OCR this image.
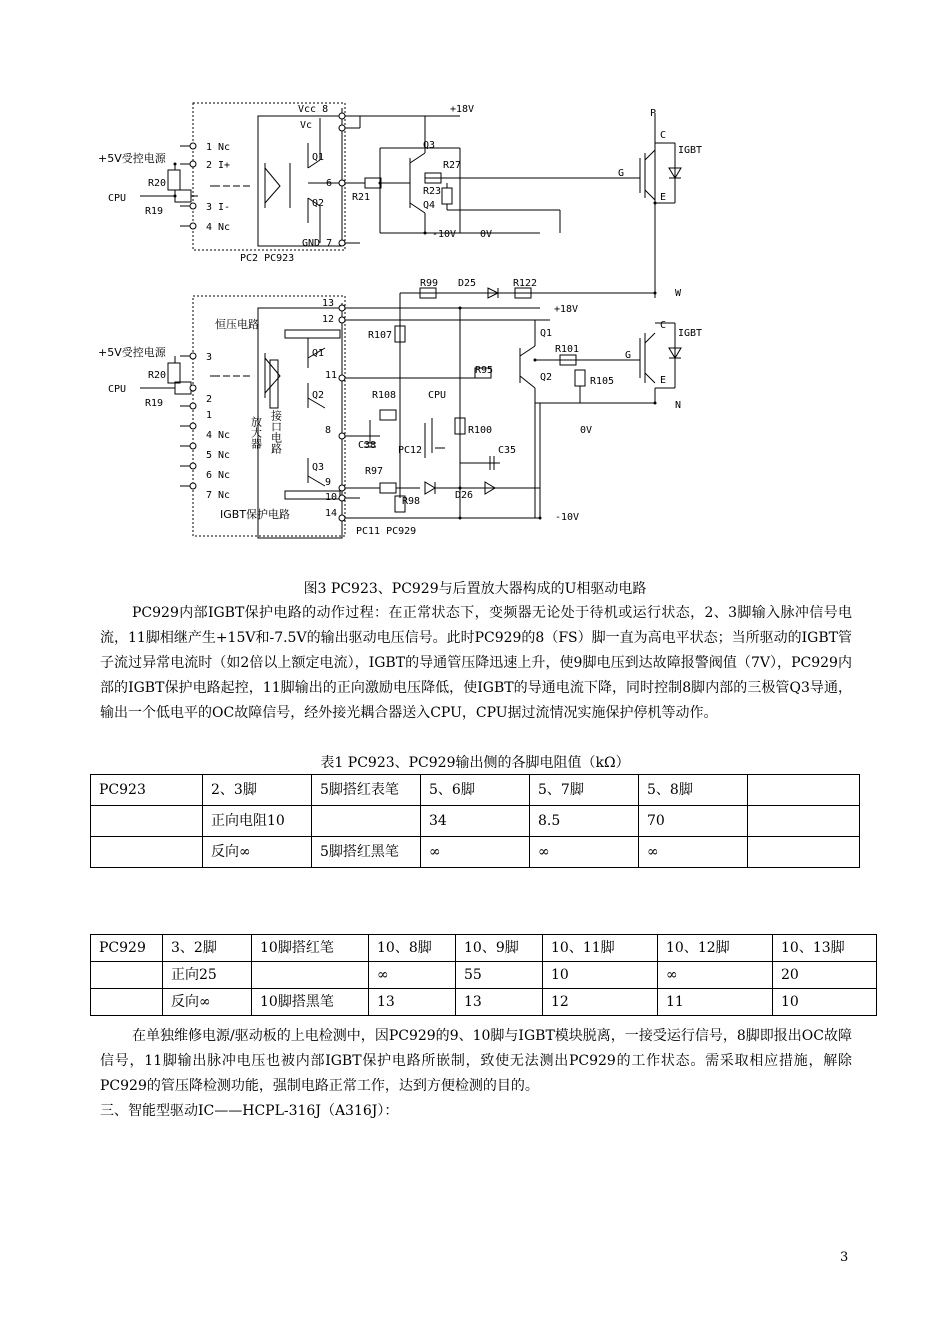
Vcc 8
Vc
+18V
Q1
Q2
Q3
Q4
R27
R23
R21
R20
R19
6
GND 7
-10V 0V
CPU
PC2 PC923
+5V受控电源
1 Nc
2 I+
3 I-
4 Nc
P
C
E
G
IGBT
W
R99 D25	R122
13
12
+18V
R107
恒压电路
Q1
Q2
Q3
Q1
Q2
R101
R95
R105
C
E
G
IGBT
N
11
R108	CPU
C38 PC12
R100
C35
0V
8
R97
R98
D26
9
10
14	-10V
PC11 PC929
CPU
R20
R19
+5V受控电源	3
2
1
4 Nc
5 Nc
6 Nc
7 Nc
IGBT保护电路
接口电路
放大器
图3 PC923、PC929与后置放大器构成的U相驱动电路

PC929内部IGBT保护电路的动作过程：在正常状态下，变频器无论处于待机或运行状态，2、3脚输入脉冲信号电流，11脚相继产生+15V和-7.5V的输出驱动电压信号。此时PC929的8（FS）脚一直为高电平状态；当所驱动的IGBT管子流过异常电流时（如2倍以上额定电流），IGBT的导通管压降迅速上升，使9脚电压到达故障报警阀值（7V），PC929内部的IGBT保护电路起控，11脚输出的正向激励电压降低，使IGBT的导通电流下降，同时控制8脚内部的三极管Q3导通，输出一个低电平的OC故障信号，经外接光耦合器送入CPU，CPU据过流情况实施保护停机等动作。

表1 PC923、PC929输出侧的各脚电阻值（kΩ）
PC923	2、3脚	5脚搭红表笔	5、6脚	5、7脚	5、8脚	
	正向电阻10		34	8.5	70	
	反向∞	5脚搭红黑笔	∞	∞	∞	
PC929	3、2脚	10脚搭红笔	10、8脚	10、9脚	10、11脚	10、12脚	10、13脚
	正向25		∞	55	10	∞	20
	反向∞	10脚搭黑笔	13	13	12	11	10

在单独维修电源/驱动板的上电检测中，因PC929的9、10脚与IGBT模块脱离，一接受运行信号，8脚即报出OC故障信号，11脚输出脉冲电压也被内部IGBT保护电路所嵌制，致使无法测出PC929的工作状态。需采取相应措施，解除PC929的管压降检测功能，强制电路正常工作，达到方便检测的目的。

三、智能型驱动IC——HCPL-316J（A316J）：

3
